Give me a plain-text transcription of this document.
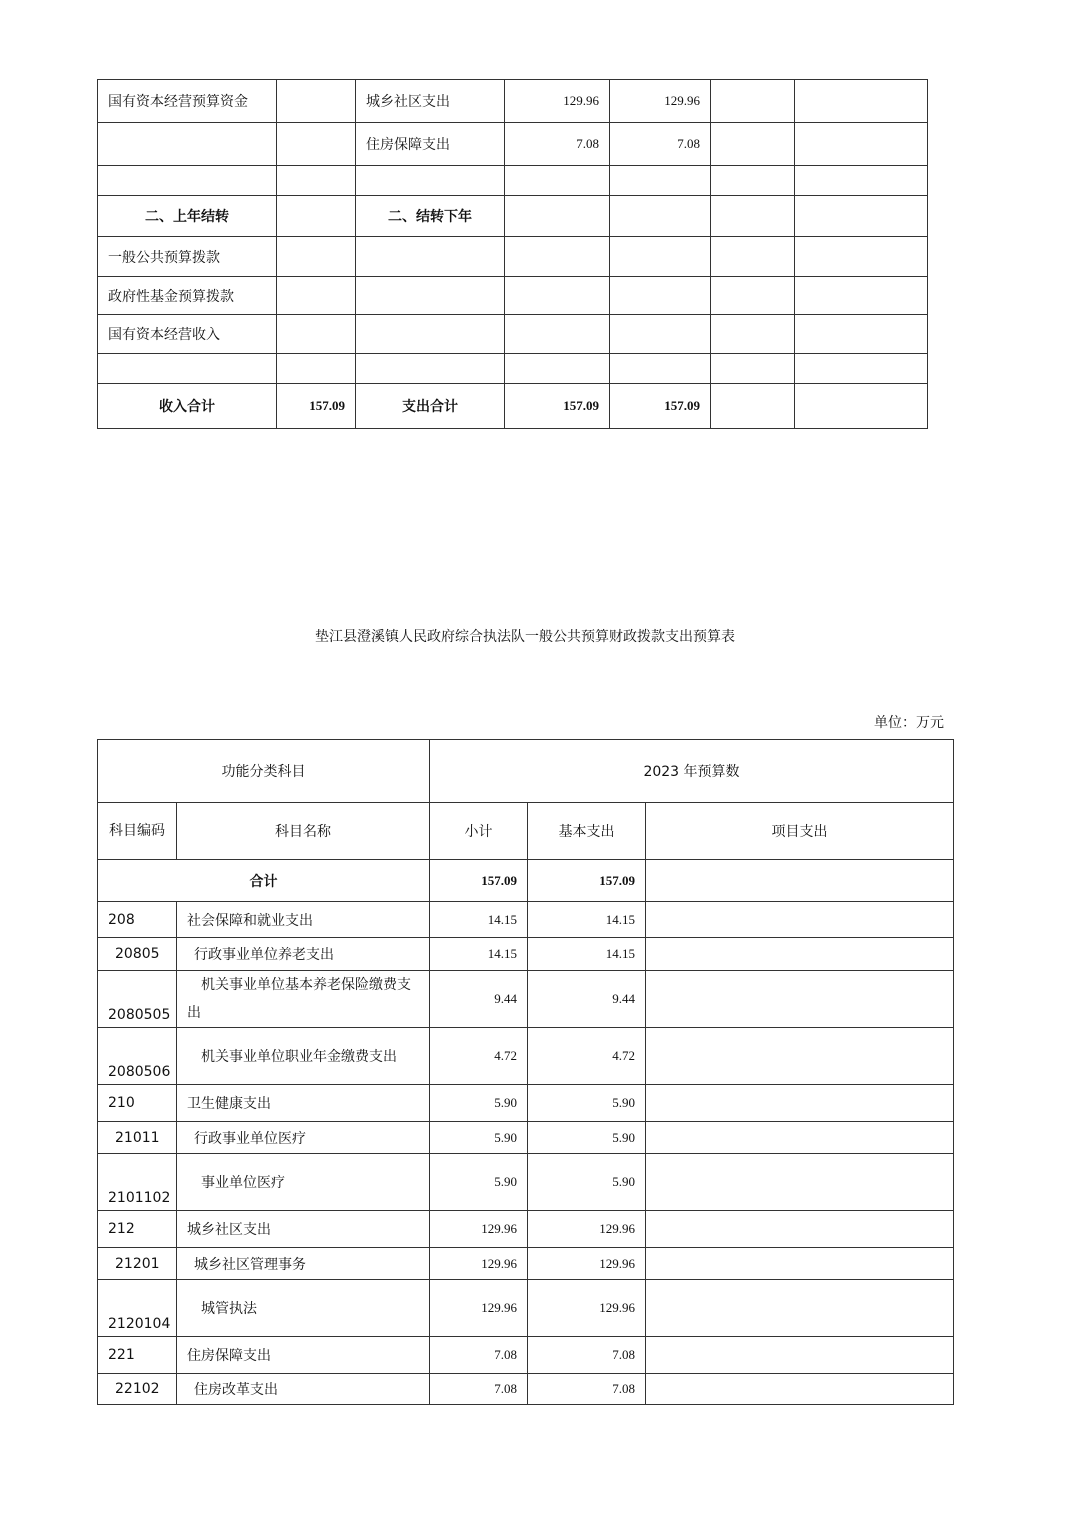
国有资本经营预算资金		城乡社区支出	129.96	129.96		
		住房保障支出	7.08	7.08		

二、上年结转		二、结转下年				
一般公共预算拨款						
政府性基金预算拨款						
国有资本经营收入						

收入合计	157.09	支出合计	157.09	157.09		
垫江县澄溪镇人民政府综合执法队一般公共预算财政拨款支出预算表
单位：万元
功能分类科目		2023 年预算数		
科目编码	科目名称	小计	基本支出	项目支出
合计		157.09	157.09	
208	社会保障和就业支出	14.15	14.15	
20805	行政事业单位养老支出	14.15	14.15	
2080505	机关事业单位基本养老保险缴费支出	9.44	9.44	
2080506	机关事业单位职业年金缴费支出	4.72	4.72	
210	卫生健康支出	5.90	5.90	
21011	行政事业单位医疗	5.90	5.90	
2101102	事业单位医疗	5.90	5.90	
212	城乡社区支出	129.96	129.96	
21201	城乡社区管理事务	129.96	129.96	
2120104	城管执法	129.96	129.96	
221	住房保障支出	7.08	7.08	
22102	住房改革支出	7.08	7.08	
